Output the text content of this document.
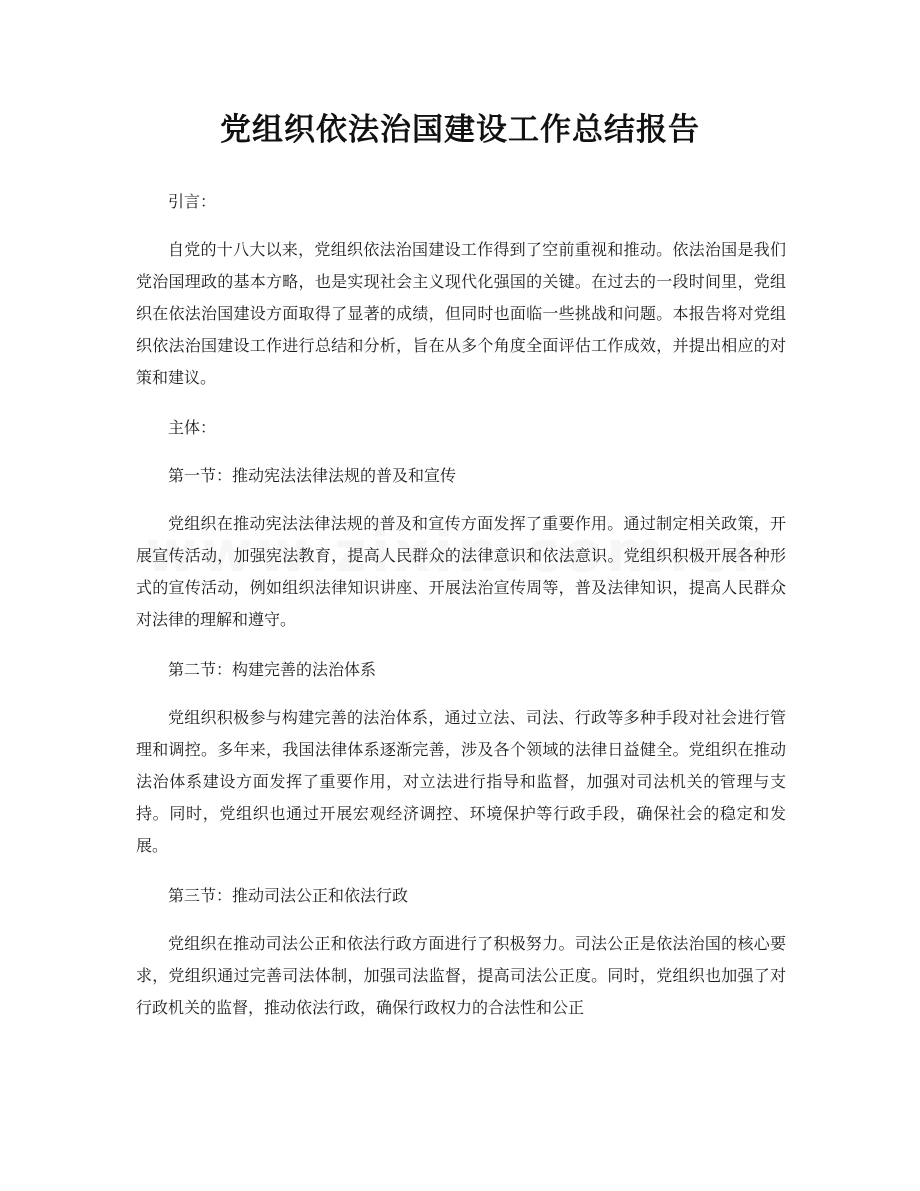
党组织依法治国建设工作总结报告

引言：

自党的十八大以来，党组织依法治国建设工作得到了空前重视和推动。依法治国是我们党治国理政的基本方略，也是实现社会主义现代化强国的关键。在过去的一段时间里，党组织在依法治国建设方面取得了显著的成绩，但同时也面临一些挑战和问题。本报告将对党组织依法治国建设工作进行总结和分析，旨在从多个角度全面评估工作成效，并提出相应的对策和建议。

主体：

第一节：推动宪法法律法规的普及和宣传

党组织在推动宪法法律法规的普及和宣传方面发挥了重要作用。通过制定相关政策，开展宣传活动，加强宪法教育，提高人民群众的法律意识和依法意识。党组织积极开展各种形式的宣传活动，例如组织法律知识讲座、开展法治宣传周等，普及法律知识，提高人民群众对法律的理解和遵守。

第二节：构建完善的法治体系

党组织积极参与构建完善的法治体系，通过立法、司法、行政等多种手段对社会进行管理和调控。多年来，我国法律体系逐渐完善，涉及各个领域的法律日益健全。党组织在推动法治体系建设方面发挥了重要作用，对立法进行指导和监督，加强对司法机关的管理与支持。同时，党组织也通过开展宏观经济调控、环境保护等行政手段，确保社会的稳定和发展。

第三节：推动司法公正和依法行政

党组织在推动司法公正和依法行政方面进行了积极努力。司法公正是依法治国的核心要求，党组织通过完善司法体制，加强司法监督，提高司法公正度。同时，党组织也加强了对行政机关的监督，推动依法行政，确保行政权力的合法性和公正
